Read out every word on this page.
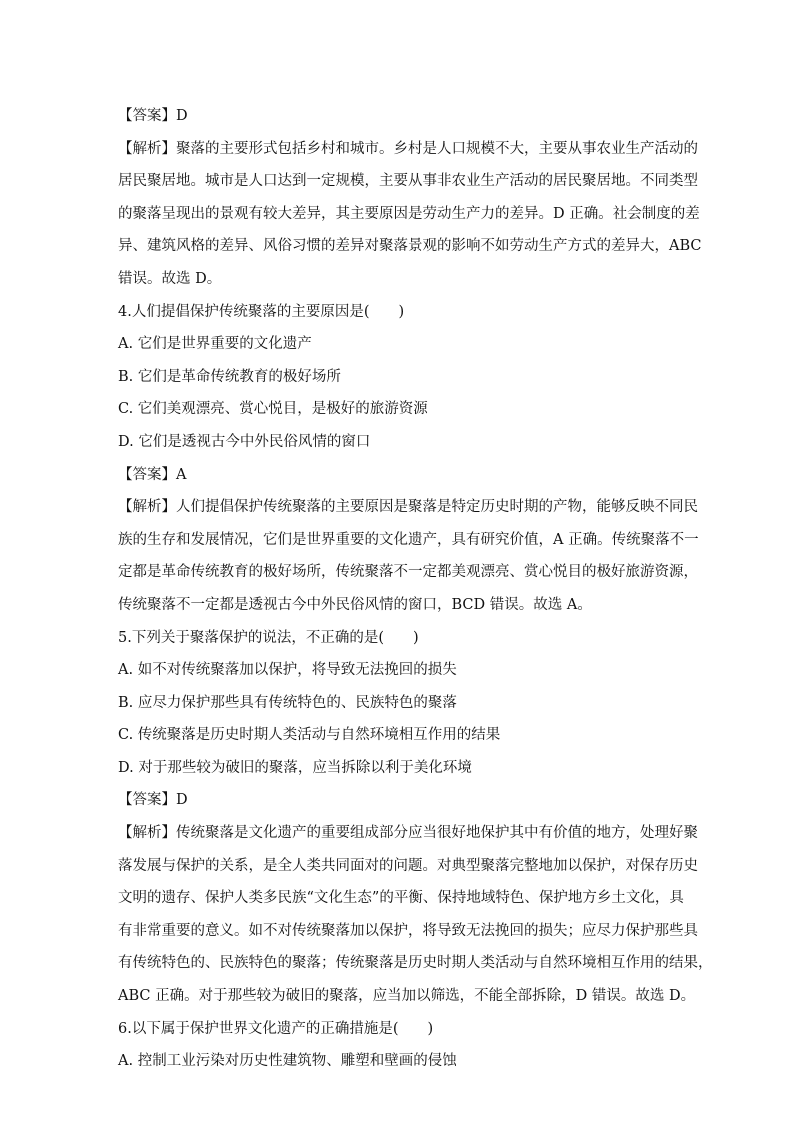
【答案】D
【解析】聚落的主要形式包括乡村和城市。乡村是人口规模不大，主要从事农业生产活动的
居民聚居地。城市是人口达到一定规模，主要从事非农业生产活动的居民聚居地。不同类型
的聚落呈现出的景观有较大差异，其主要原因是劳动生产力的差异。D 正确。社会制度的差
异、建筑风格的差异、风俗习惯的差异对聚落景观的影响不如劳动生产方式的差异大，ABC
错误。故选 D。
4.人们提倡保护传统聚落的主要原因是(　　)
A. 它们是世界重要的文化遗产
B. 它们是革命传统教育的极好场所
C. 它们美观漂亮、赏心悦目，是极好的旅游资源
D. 它们是透视古今中外民俗风情的窗口
【答案】A
【解析】人们提倡保护传统聚落的主要原因是聚落是特定历史时期的产物，能够反映不同民
族的生存和发展情况，它们是世界重要的文化遗产，具有研究价值，A 正确。传统聚落不一
定都是革命传统教育的极好场所，传统聚落不一定都美观漂亮、赏心悦目的极好旅游资源，
传统聚落不一定都是透视古今中外民俗风情的窗口，BCD 错误。故选 A。
5.下列关于聚落保护的说法，不正确的是(　　)
A. 如不对传统聚落加以保护，将导致无法挽回的损失
B. 应尽力保护那些具有传统特色的、民族特色的聚落
C. 传统聚落是历史时期人类活动与自然环境相互作用的结果
D. 对于那些较为破旧的聚落，应当拆除以利于美化环境
【答案】D
【解析】传统聚落是文化遗产的重要组成部分应当很好地保护其中有价值的地方，处理好聚
落发展与保护的关系，是全人类共同面对的问题。对典型聚落完整地加以保护，对保存历史
文明的遗存、保护人类多民族“文化生态”的平衡、保持地域特色、保护地方乡土文化，具
有非常重要的意义。如不对传统聚落加以保护，将导致无法挽回的损失；应尽力保护那些具
有传统特色的、民族特色的聚落；传统聚落是历史时期人类活动与自然环境相互作用的结果，
ABC 正确。对于那些较为破旧的聚落，应当加以筛选，不能全部拆除，D 错误。故选 D。
6.以下属于保护世界文化遗产的正确措施是(　　)
A. 控制工业污染对历史性建筑物、雕塑和壁画的侵蚀
